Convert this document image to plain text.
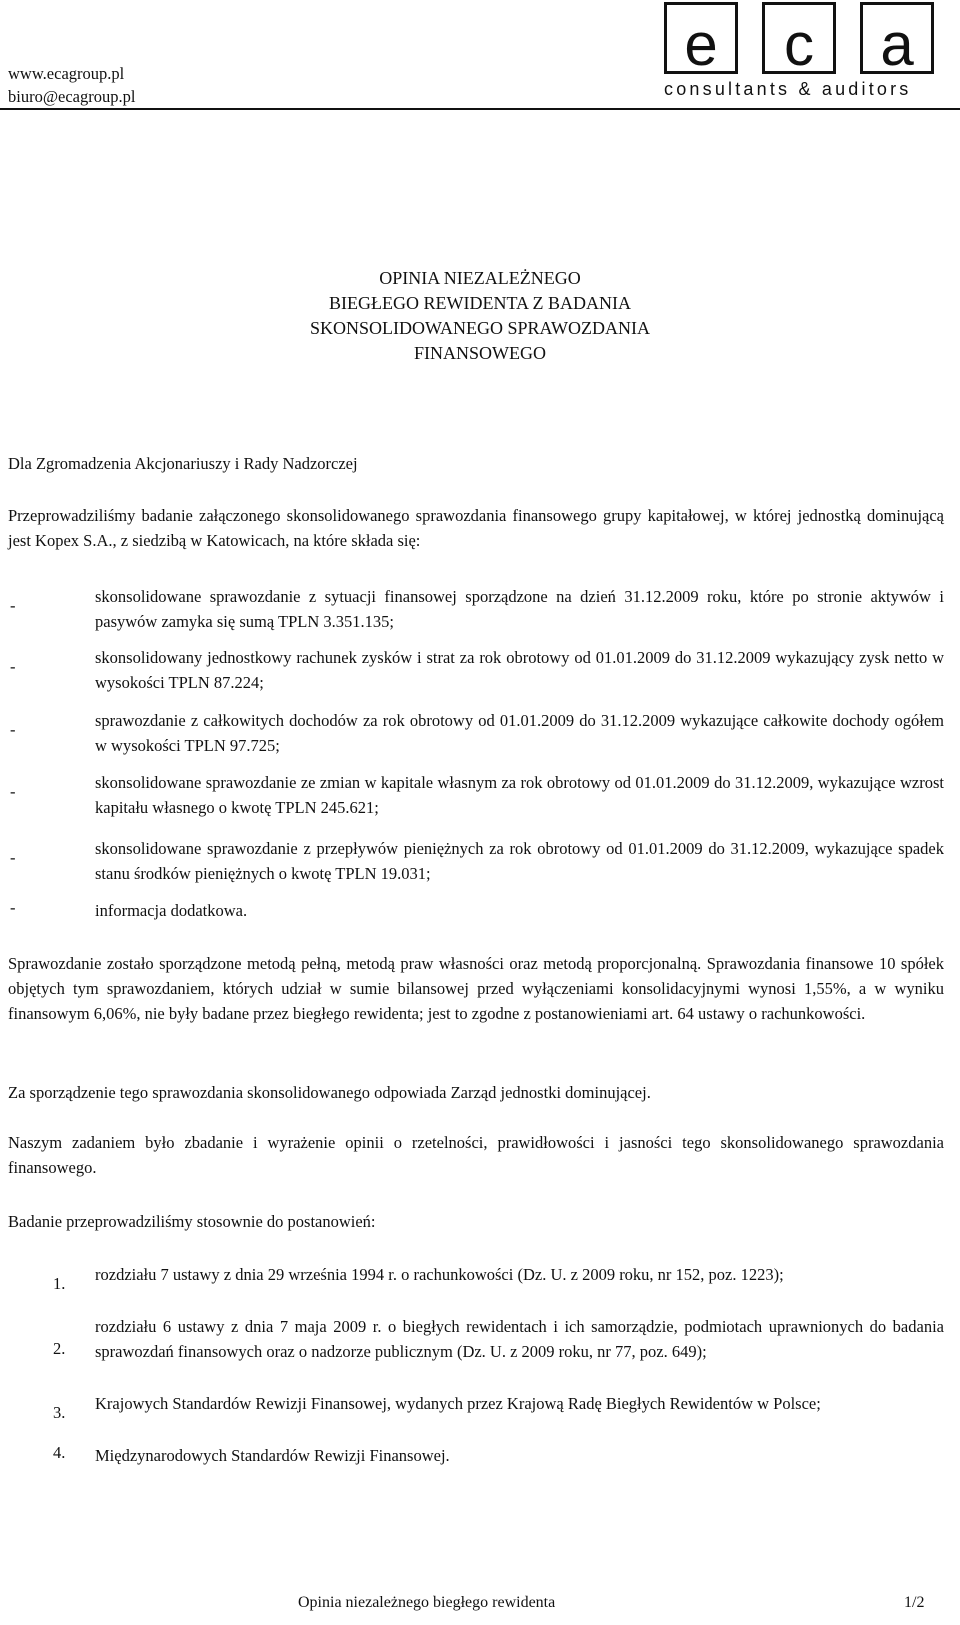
www.ecagroup.pl
biuro@ecagroup.pl
e	c	a
consultants & auditors
OPINIA NIEZALEŻNEGO
BIEGŁEGO REWIDENTA Z BADANIA
SKONSOLIDOWANEGO SPRAWOZDANIA
FINANSOWEGO
Dla Zgromadzenia Akcjonariuszy i Rady Nadzorczej
Przeprowadziliśmy badanie załączonego skonsolidowanego sprawozdania finansowego grupy kapitałowej, w której jednostką dominującą jest Kopex S.A., z siedzibą w Katowicach, na które składa się:
-	skonsolidowane sprawozdanie z sytuacji finansowej sporządzone na dzień 31.12.2009 roku, które po stronie aktywów i pasywów zamyka się sumą TPLN 3.351.135;
-	skonsolidowany jednostkowy rachunek zysków i strat za rok obrotowy od 01.01.2009 do 31.12.2009 wykazujący zysk netto w wysokości TPLN 87.224;
-	sprawozdanie z całkowitych dochodów za rok obrotowy od 01.01.2009 do 31.12.2009 wykazujące całkowite dochody ogółem w wysokości TPLN 97.725;
-	skonsolidowane sprawozdanie ze zmian w kapitale własnym za rok obrotowy od 01.01.2009 do 31.12.2009, wykazujące wzrost kapitału własnego o kwotę TPLN 245.621;
-	skonsolidowane sprawozdanie z przepływów pieniężnych za rok obrotowy od 01.01.2009 do 31.12.2009, wykazujące spadek stanu środków pieniężnych o kwotę TPLN 19.031;
-	informacja dodatkowa.
Sprawozdanie zostało sporządzone metodą pełną, metodą praw własności oraz metodą proporcjonalną. Sprawozdania finansowe 10 spółek objętych tym sprawozdaniem, których udział w sumie bilansowej przed wyłączeniami konsolidacyjnymi wynosi 1,55%, a w wyniku finansowym 6,06%, nie były badane przez biegłego rewidenta; jest to zgodne z postanowieniami art. 64 ustawy o rachunkowości.
Za sporządzenie tego sprawozdania skonsolidowanego odpowiada Zarząd jednostki dominującej.
Naszym zadaniem było zbadanie i wyrażenie opinii o rzetelności, prawidłowości i jasności tego skonsolidowanego sprawozdania finansowego.
Badanie przeprowadziliśmy stosownie do postanowień:
1.	rozdziału 7 ustawy z dnia 29 września 1994 r. o rachunkowości (Dz. U. z 2009 roku, nr 152, poz. 1223);
2.
rozdziału 6 ustawy z dnia 7 maja 2009 r. o biegłych rewidentach i ich samorządzie, podmiotach uprawnionych do badania sprawozdań finansowych oraz o nadzorze publicznym (Dz. U. z 2009 roku, nr 77, poz. 649);
3.	Krajowych Standardów Rewizji Finansowej, wydanych przez Krajową Radę Biegłych Rewidentów w Polsce;
4.	Międzynarodowych Standardów Rewizji Finansowej.
Opinia niezależnego biegłego rewidenta	1/2
